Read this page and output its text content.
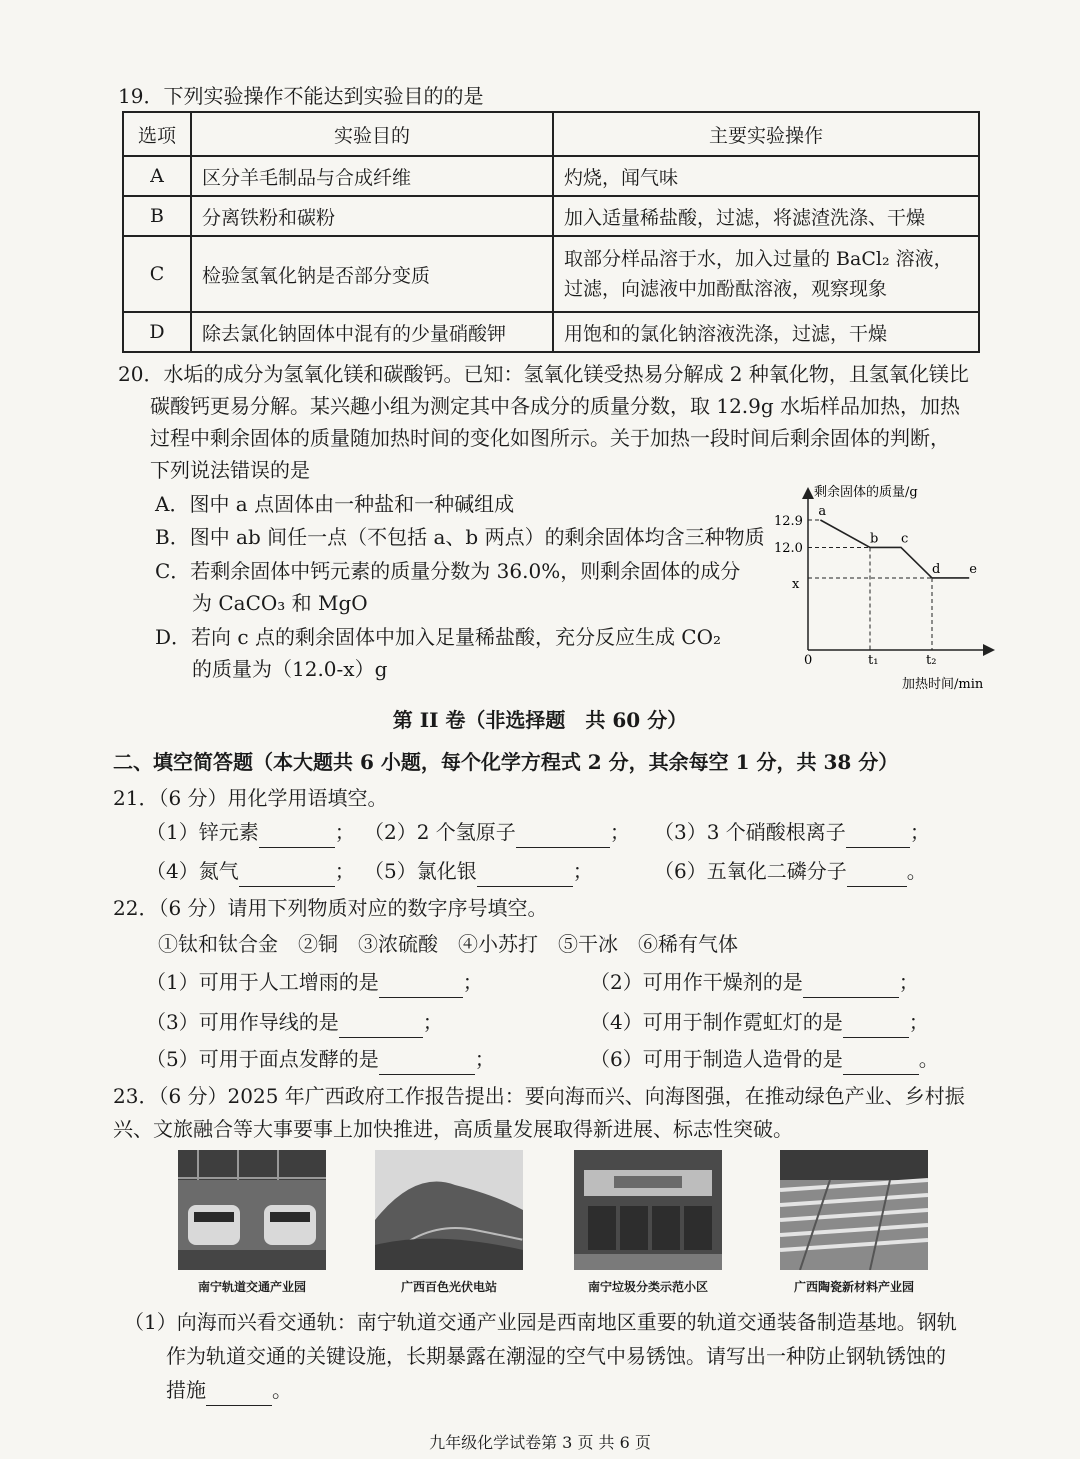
19．下列实验操作不能达到实验目的的是
选项	实验目的	主要实验操作
A	区分羊毛制品与合成纤维	灼烧，闻气味
B	分离铁粉和碳粉	加入适量稀盐酸，过滤，将滤渣洗涤、干燥
C	检验氢氧化钠是否部分变质	取部分样品溶于水，加入过量的 BaCl₂ 溶液，过滤，向滤液中加酚酞溶液，观察现象
D	除去氯化钠固体中混有的少量硝酸钾	用饱和的氯化钠溶液洗涤，过滤，干燥
20．水垢的成分为氢氧化镁和碳酸钙。已知：氢氧化镁受热易分解成 2 种氧化物，且氢氧化镁比
碳酸钙更易分解。某兴趣小组为测定其中各成分的质量分数，取 12.9g 水垢样品加热，加热
过程中剩余固体的质量随加热时间的变化如图所示。关于加热一段时间后剩余固体的判断，
下列说法错误的是
A．图中 a 点固体由一种盐和一种碱组成
B．图中 ab 间任一点（不包括 a、b 两点）的剩余固体均含三种物质
C．若剩余固体中钙元素的质量分数为 36.0%，则剩余固体的成分
为 CaCO₃ 和 MgO
D．若向 c 点的剩余固体中加入足量稀盐酸，充分反应生成 CO₂
的质量为（12.0-x）g
剩余固体的质量/g
加热时间/min
12.9
12.0
x
0	t₁	t₂
a
b c
d e
第 II 卷（非选择题　共 60 分）
二、填空简答题（本大题共 6 小题，每个化学方程式 2 分，其余每空 1 分，共 38 分）
21．（6 分）用化学用语填空。
（1）锌元素	； （2）2 个氢原子	； （3）3 个硝酸根离子	；
（4）氮气	； （5）氯化银	；	（6）五氧化二磷分子	。
22．（6 分）请用下列物质对应的数字序号填空。
①钛和钛合金　②铜　③浓硫酸　④小苏打　⑤干冰　⑥稀有气体
（1）可用于人工增雨的是	；	（2）可用作干燥剂的是	；
（3）可用作导线的是	；	（4）可用于制作霓虹灯的是	；
（5）可用于面点发酵的是	；	（6）可用于制造人造骨的是	。
23．（6 分）2025 年广西政府工作报告提出：要向海而兴、向海图强，在推动绿色产业、乡村振
兴、文旅融合等大事要事上加快推进，高质量发展取得新进展、标志性突破。
南宁轨道交通产业园	广西百色光伏电站	南宁垃圾分类示范小区	广西陶瓷新材料产业园
（1）向海而兴看交通轨：南宁轨道交通产业园是西南地区重要的轨道交通装备制造基地。钢轨
作为轨道交通的关键设施，长期暴露在潮湿的空气中易锈蚀。请写出一种防止钢轨锈蚀的
措施	。
九年级化学试卷第 3 页 共 6 页
